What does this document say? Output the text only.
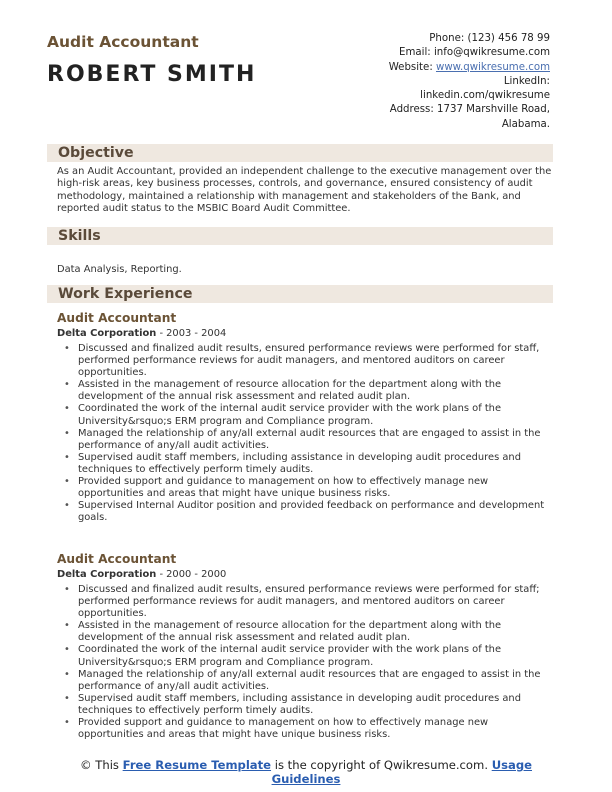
Audit Accountant
ROBERT SMITH
Phone: (123) 456 78 99
Email: info@qwikresume.com
Website: www.qwikresume.com
LinkedIn:
linkedin.com/qwikresume
Address: 1737 Marshville Road,
Alabama.
Objective
As an Audit Accountant, provided an independent challenge to the executive management over the high-risk areas, key business processes, controls, and governance, ensured consistency of audit methodology, maintained a relationship with management and stakeholders of the Bank, and reported audit status to the MSBIC Board Audit Committee.
Skills
Data Analysis, Reporting.
Work Experience
Audit Accountant
Delta Corporation - 2003 - 2004
• Discussed and finalized audit results, ensured performance reviews were performed for staff, performed performance reviews for audit managers, and mentored auditors on career opportunities.
• Assisted in the management of resource allocation for the department along with the development of the annual risk assessment and related audit plan.
• Coordinated the work of the internal audit service provider with the work plans of the University&rsquo;s ERM program and Compliance program.
• Managed the relationship of any/all external audit resources that are engaged to assist in the performance of any/all audit activities.
• Supervised audit staff members, including assistance in developing audit procedures and techniques to effectively perform timely audits.
• Provided support and guidance to management on how to effectively manage new opportunities and areas that might have unique business risks.
• Supervised Internal Auditor position and provided feedback on performance and development goals.
Audit Accountant
Delta Corporation - 2000 - 2000
• Discussed and finalized audit results, ensured performance reviews were performed for staff; performed performance reviews for audit managers, and mentored auditors on career opportunities.
• Assisted in the management of resource allocation for the department along with the development of the annual risk assessment and related audit plan.
• Coordinated the work of the internal audit service provider with the work plans of the University&rsquo;s ERM program and Compliance program.
• Managed the relationship of any/all external audit resources that are engaged to assist in the performance of any/all audit activities.
• Supervised audit staff members, including assistance in developing audit procedures and techniques to effectively perform timely audits.
• Provided support and guidance to management on how to effectively manage new opportunities and areas that might have unique business risks.
© This Free Resume Template is the copyright of Qwikresume.com. Usage
Guidelines
